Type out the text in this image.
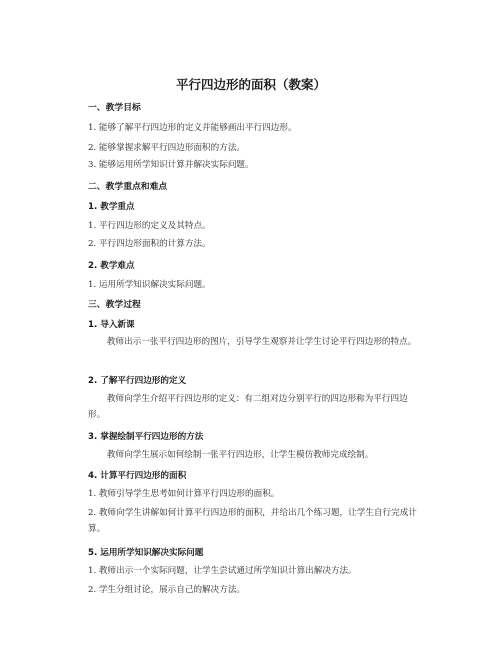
平行四边形的面积（教案）

一、教学目标

1. 能够了解平行四边形的定义并能够画出平行四边形。

2. 能够掌握求解平行四边形面积的方法。

3. 能够运用所学知识计算并解决实际问题。

二、教学重点和难点

1. 教学重点

1. 平行四边形的定义及其特点。

2. 平行四边形面积的计算方法。

2. 教学难点

1. 运用所学知识解决实际问题。

三、教学过程

1. 导入新课

教师出示一张平行四边形的图片，引导学生观察并让学生讨论平行四边形的特点。

2. 了解平行四边形的定义

教师向学生介绍平行四边形的定义：有二组对边分别平行的四边形称为平行四边形。

3. 掌握绘制平行四边形的方法

教师向学生展示如何绘制一张平行四边形，让学生模仿教师完成绘制。

4. 计算平行四边形的面积

1. 教师引导学生思考如何计算平行四边形的面积。

2. 教师向学生讲解如何计算平行四边形的面积，并给出几个练习题，让学生自行完成计算。

5. 运用所学知识解决实际问题

1. 教师出示一个实际问题，让学生尝试通过所学知识计算出解决方法。

2. 学生分组讨论，展示自己的解决方法。
